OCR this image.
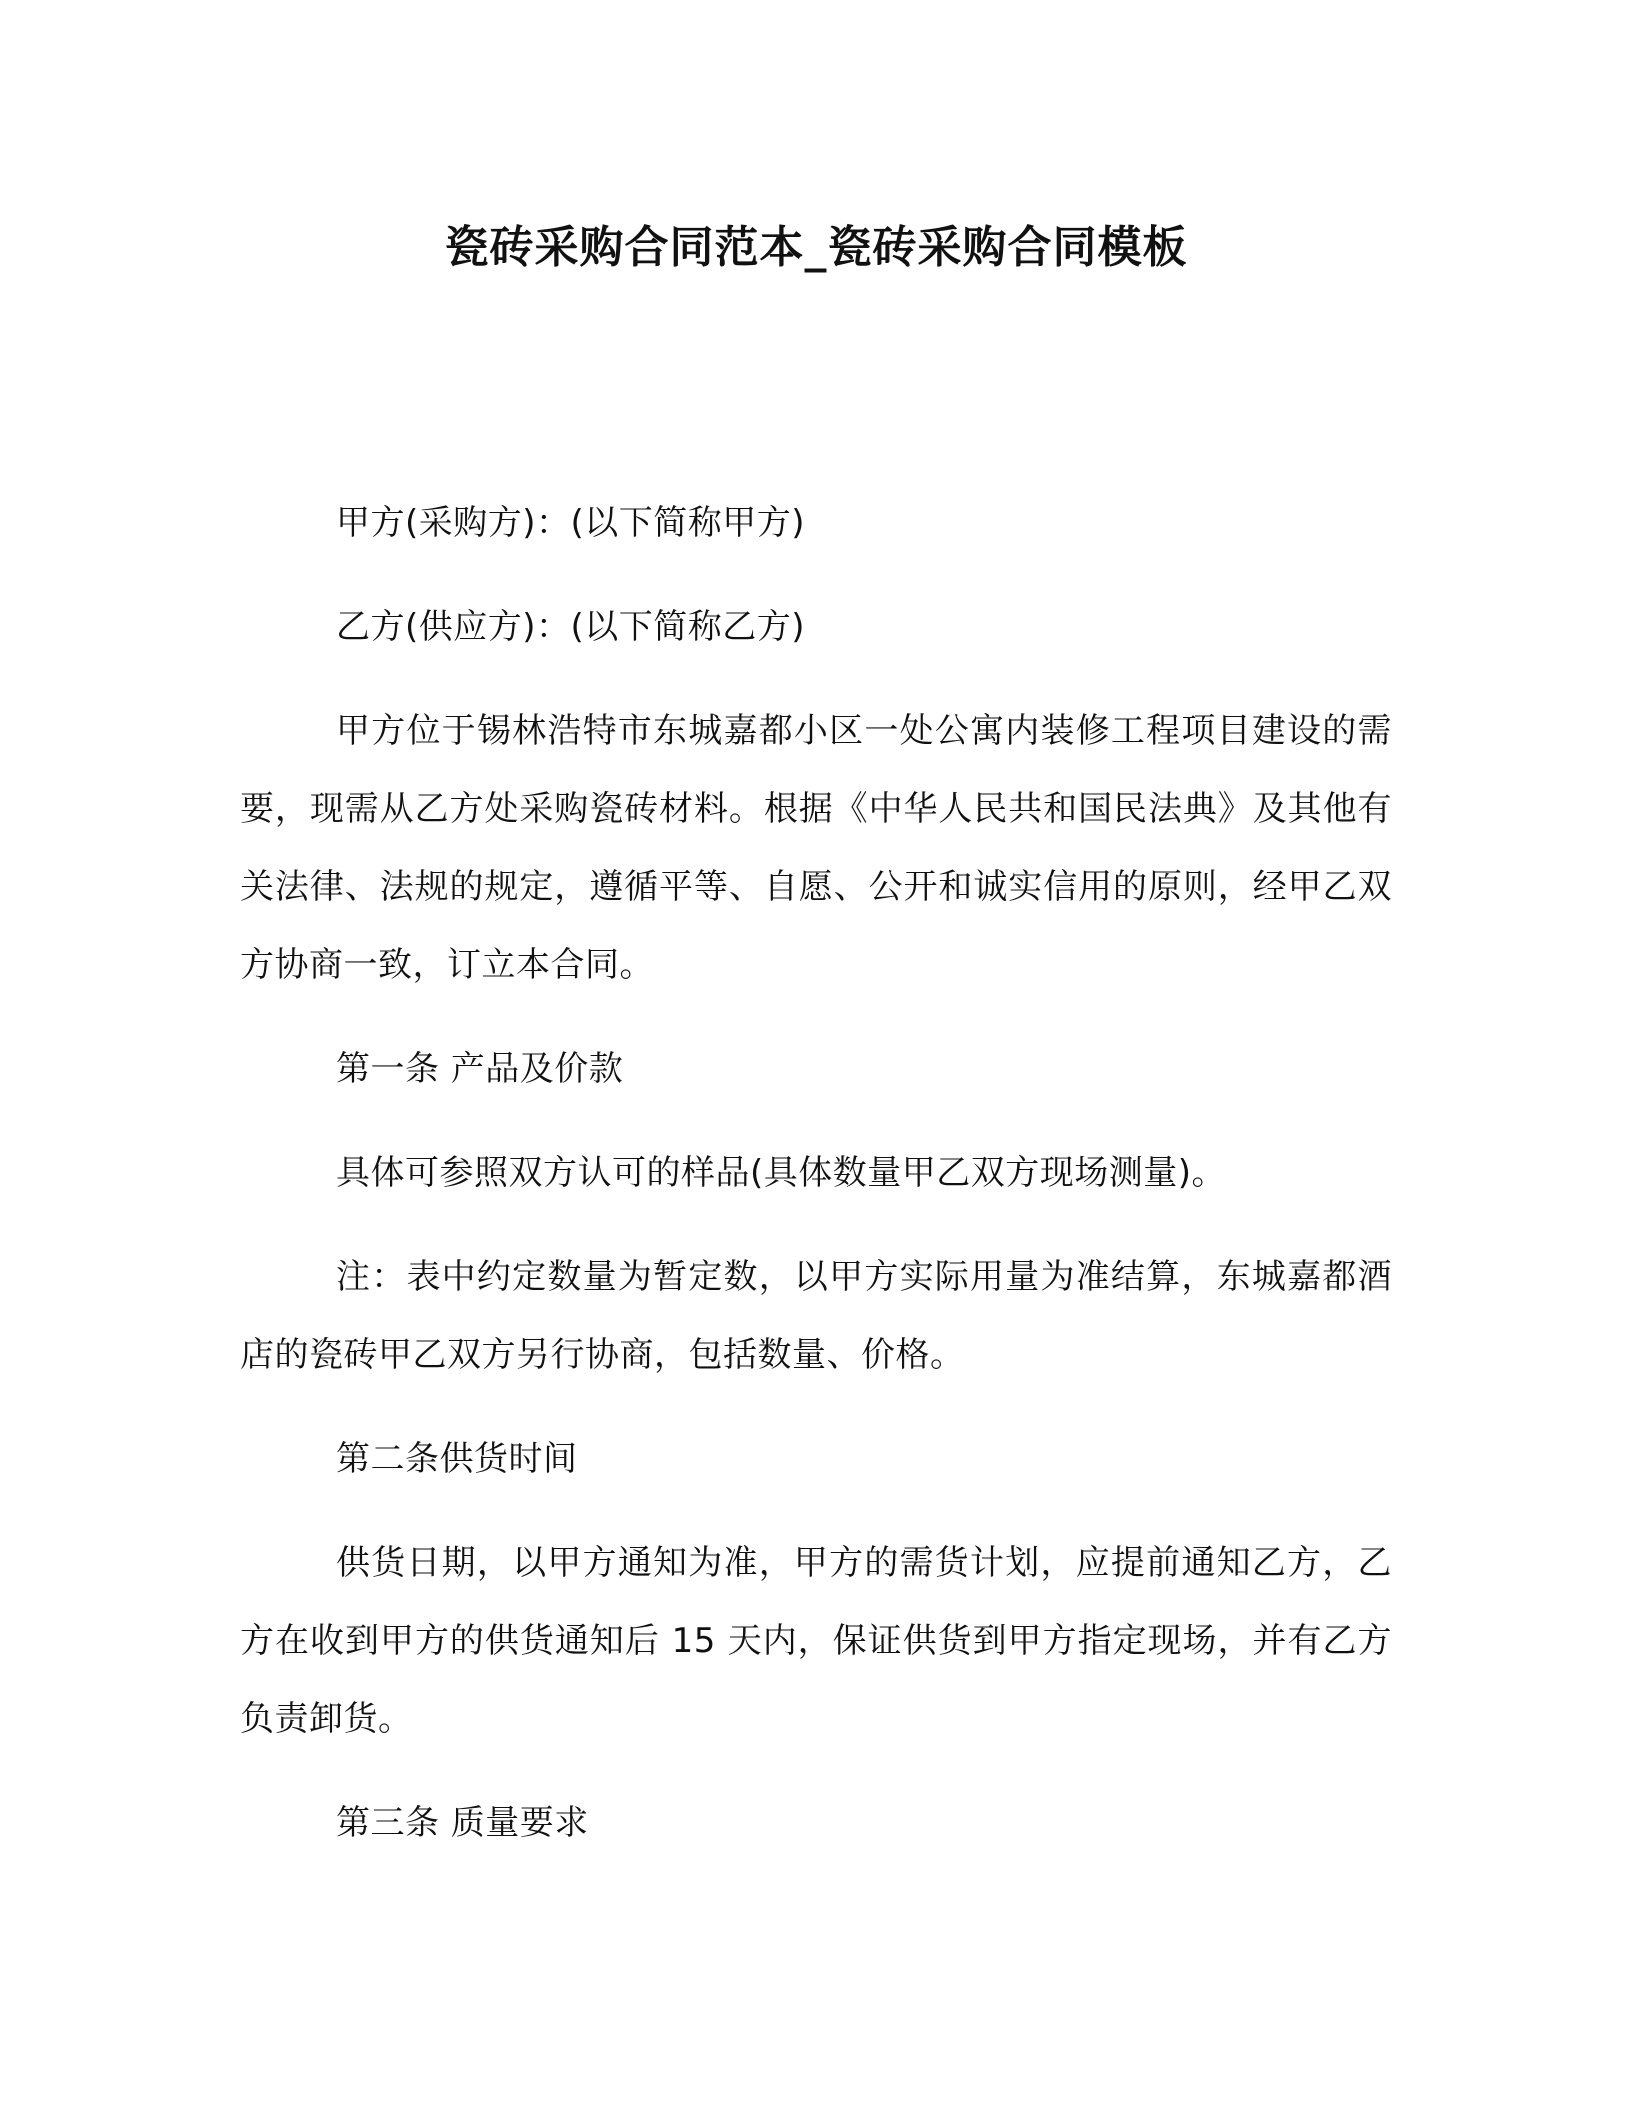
瓷砖采购合同范本_瓷砖采购合同模板

甲方(采购方)：(以下简称甲方)

乙方(供应方)：(以下简称乙方)

甲方位于锡林浩特市东城嘉都小区一处公寓内装修工程项目建设的需要，现需从乙方处采购瓷砖材料。根据《中华人民共和国民法典》及其他有关法律、法规的规定，遵循平等、自愿、公开和诚实信用的原则，经甲乙双方协商一致，订立本合同。

第一条 产品及价款

具体可参照双方认可的样品(具体数量甲乙双方现场测量)。

注：表中约定数量为暂定数，以甲方实际用量为准结算，东城嘉都酒店的瓷砖甲乙双方另行协商，包括数量、价格。

第二条供货时间

供货日期，以甲方通知为准，甲方的需货计划，应提前通知乙方，乙方在收到甲方的供货通知后 15 天内，保证供货到甲方指定现场，并有乙方负责卸货。

第三条 质量要求
